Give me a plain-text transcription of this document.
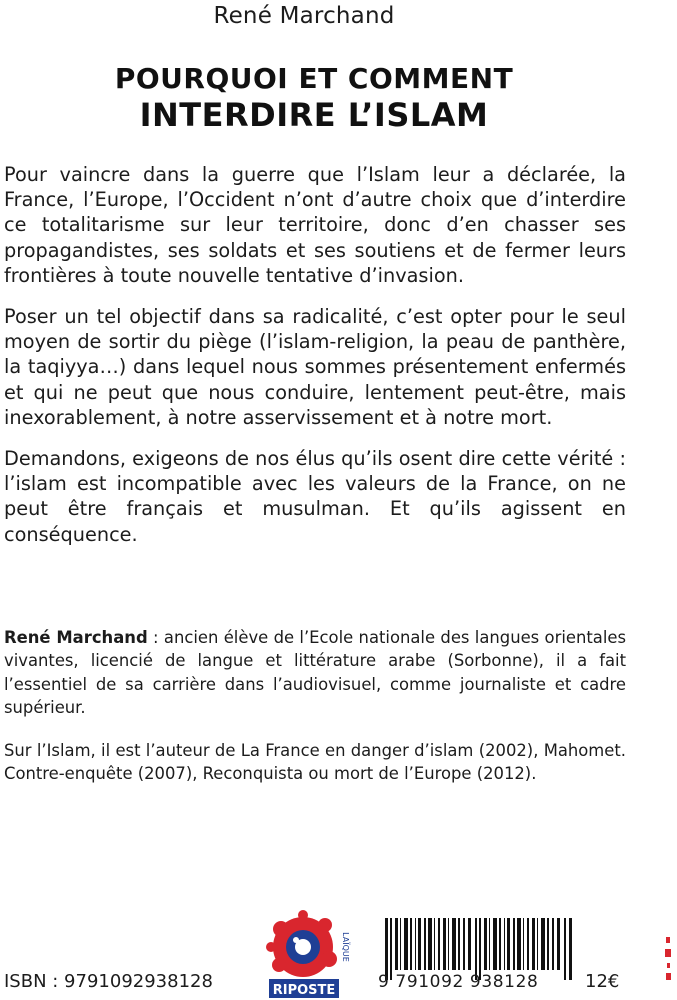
René Marchand
POURQUOI ET COMMENT
INTERDIRE L’ISLAM

Pour vaincre dans la guerre que l’Islam leur a déclarée, la France, l’Europe, l’Occident n’ont d’autre choix que d’interdire ce totalitarisme sur leur territoire, donc d’en chasser ses propagandistes, ses soldats et ses soutiens et de fermer leurs frontières à toute nouvelle tentative d’invasion.

Poser un tel objectif dans sa radicalité, c’est opter pour le seul moyen de sortir du piège (l’islam-religion, la peau de panthère, la taqiyya…) dans lequel nous sommes présentement enfermés et qui ne peut que nous conduire, lentement peut-être, mais inexorablement, à notre asservissement et à notre mort.

Demandons, exigeons de nos élus qu’ils osent dire cette vérité : l’islam est incompatible avec les valeurs de la France, on ne peut être français et musulman. Et qu’ils agissent en conséquence.

René Marchand : ancien élève de l’Ecole nationale des langues orientales vivantes, licencié de langue et littérature arabe (Sorbonne), il a fait l’essentiel de sa carrière dans l’audiovisuel, comme journaliste et cadre supérieur.

Sur l’Islam, il est l’auteur de La France en danger d’islam (2002), Mahomet. Contre-enquête (2007), Reconquista ou mort de l’Europe (2012).

RIPOSTE
LAÏQUE
ISBN : 9791092938128	9 791092 938128	12€
